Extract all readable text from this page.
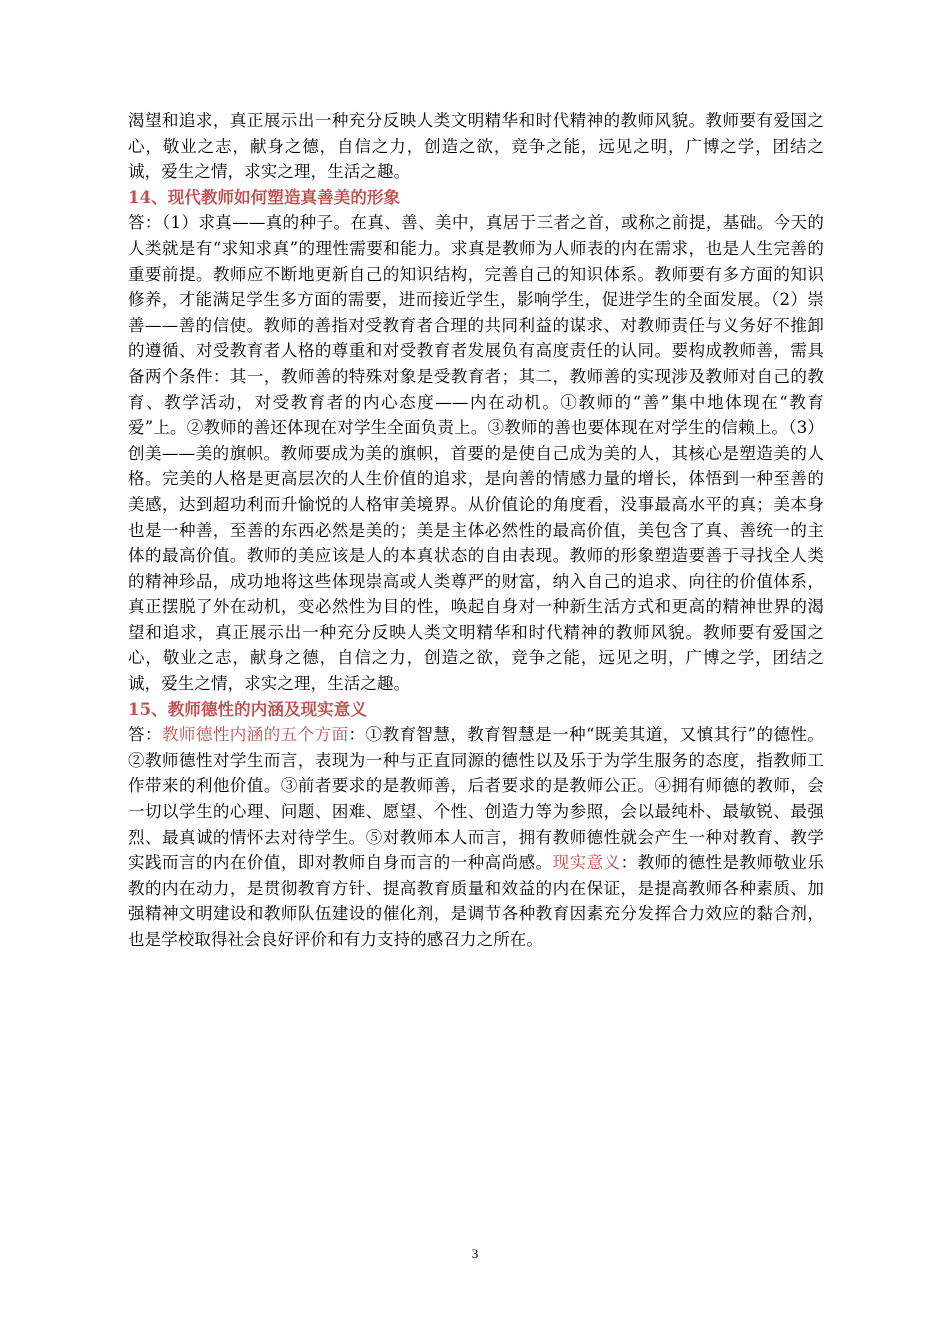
渴望和追求，真正展示出一种充分反映人类文明精华和时代精神的教师风貌。教师要有爱国之心，敬业之志，献身之德，自信之力，创造之欲，竞争之能，远见之明，广博之学，团结之诚，爱生之情，求实之理，生活之趣。

14、现代教师如何塑造真善美的形象

答：（1）求真——真的种子。在真、善、美中，真居于三者之首，或称之前提，基础。今天的人类就是有“求知求真”的理性需要和能力。求真是教师为人师表的内在需求，也是人生完善的重要前提。教师应不断地更新自己的知识结构，完善自己的知识体系。教师要有多方面的知识修养，才能满足学生多方面的需要，进而接近学生，影响学生，促进学生的全面发展。（2）崇善——善的信使。教师的善指对受教育者合理的共同利益的谋求、对教师责任与义务好不推卸的遵循、对受教育者人格的尊重和对受教育者发展负有高度责任的认同。要构成教师善，需具备两个条件：其一，教师善的特殊对象是受教育者；其二，教师善的实现涉及教师对自己的教育、教学活动，对受教育者的内心态度——内在动机。①教师的“善”集中地体现在“教育爱”上。②教师的善还体现在对学生全面负责上。③教师的善也要体现在对学生的信赖上。（3）创美——美的旗帜。教师要成为美的旗帜，首要的是使自己成为美的人，其核心是塑造美的人格。完美的人格是更高层次的人生价值的追求，是向善的情感力量的增长，体悟到一种至善的美感，达到超功利而升愉悦的人格审美境界。从价值论的角度看，没事最高水平的真；美本身也是一种善，至善的东西必然是美的；美是主体必然性的最高价值，美包含了真、善统一的主体的最高价值。教师的美应该是人的本真状态的自由表现。教师的形象塑造要善于寻找全人类的精神珍品，成功地将这些体现崇高或人类尊严的财富，纳入自己的追求、向往的价值体系，真正摆脱了外在动机，变必然性为目的性，唤起自身对一种新生活方式和更高的精神世界的渴望和追求，真正展示出一种充分反映人类文明精华和时代精神的教师风貌。教师要有爱国之心，敬业之志，献身之德，自信之力，创造之欲，竞争之能，远见之明，广博之学，团结之诚，爱生之情，求实之理，生活之趣。

15、教师德性的内涵及现实意义

答：教师德性内涵的五个方面：①教育智慧，教育智慧是一种“既美其道，又慎其行”的德性。②教师德性对学生而言，表现为一种与正直同源的德性以及乐于为学生服务的态度，指教师工作带来的利他价值。③前者要求的是教师善，后者要求的是教师公正。④拥有师德的教师，会一切以学生的心理、问题、困难、愿望、个性、创造力等为参照，会以最纯朴、最敏锐、最强烈、最真诚的情怀去对待学生。⑤对教师本人而言，拥有教师德性就会产生一种对教育、教学实践而言的内在价值，即对教师自身而言的一种高尚感。现实意义：教师的德性是教师敬业乐教的内在动力，是贯彻教育方针、提高教育质量和效益的内在保证，是提高教师各种素质、加强精神文明建设和教师队伍建设的催化剂，是调节各种教育因素充分发挥合力效应的黏合剂，也是学校取得社会良好评价和有力支持的感召力之所在。

3
